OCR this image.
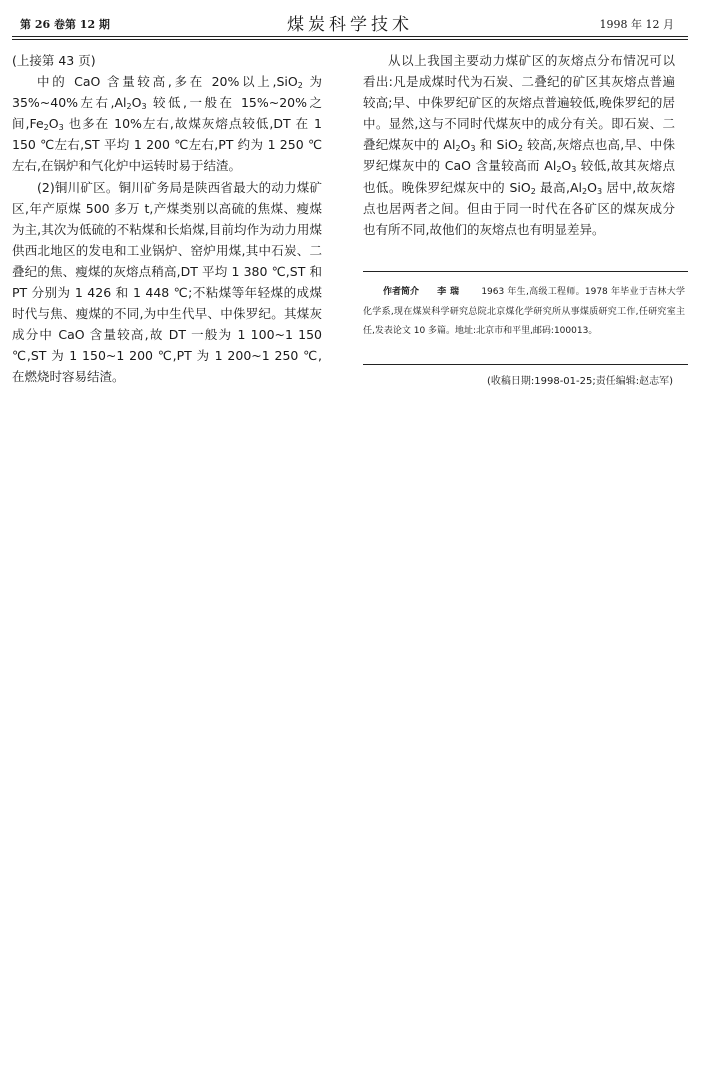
第 26 卷第 12 期	煤炭科学技术	1998 年 12 月

(上接第 43 页)

中的 CaO 含量较高,多在 20%以上,SiO$_2$ 为 35%~40%左右$,Al_2O_3$ 较低,一般在 15%~20%之间$,Fe_2O_3$ 也多在 10%左右,故煤灰熔点较低,DT 在 1 150 ℃左右,ST 平均 1 200 ℃左右,PT 约为 1 250 ℃左右,在锅炉和气化炉中运转时易于结渣。

(2)铜川矿区。铜川矿务局是陕西省最大的动力煤矿区,年产原煤 500 多万 t,产煤类别以高硫的焦煤、瘦煤为主,其次为低硫的不粘煤和长焰煤,目前均作为动力用煤供西北地区的发电和工业锅炉、窑炉用煤,其中石炭、二叠纪的焦、瘦煤的灰熔点稍高,DT 平均 1 380 ℃,ST 和 PT 分别为 1 426 和 1 448 ℃;不粘煤等年轻煤的成煤时代与焦、瘦煤的不同,为中生代早、中侏罗纪。其煤灰成分中 CaO 含量较高,故 DT 一般为 1 100~1 150 ℃,ST 为 1 150~1 200 ℃,PT 为 1 200~1 250 ℃,在燃烧时容易结渣。

从以上我国主要动力煤矿区的灰熔点分布情况可以看出:凡是成煤时代为石炭、二叠纪的矿区其灰熔点普遍较高;早、中侏罗纪矿区的灰熔点普遍较低,晚侏罗纪的居中。显然,这与不同时代煤灰中的成分有关。即石炭、二叠纪煤灰中的 $Al_2O_3$ 和 SiO$_2$ 较高,灰熔点也高,早、中侏罗纪煤灰中的 CaO 含量较高而 $Al_2O_3$ 较低,故其灰熔点也低。晚侏罗纪煤灰中的 SiO$_2$ 最高$,Al_2O_3$ 居中,故灰熔点也居两者之间。但由于同一时代在各矿区的煤灰成分也有所不同,故他们的灰熔点也有明显差异。

作者简介 李 瑞 1963 年生,高级工程师。1978 年毕业于吉林大学化学系,现在煤炭科学研究总院北京煤化学研究所从事煤质研究工作,任研究室主任,发表论文 10 多篇。地址:北京市和平里,邮码:100013。
(收稿日期:1998-01-25;责任编辑:赵志军)
